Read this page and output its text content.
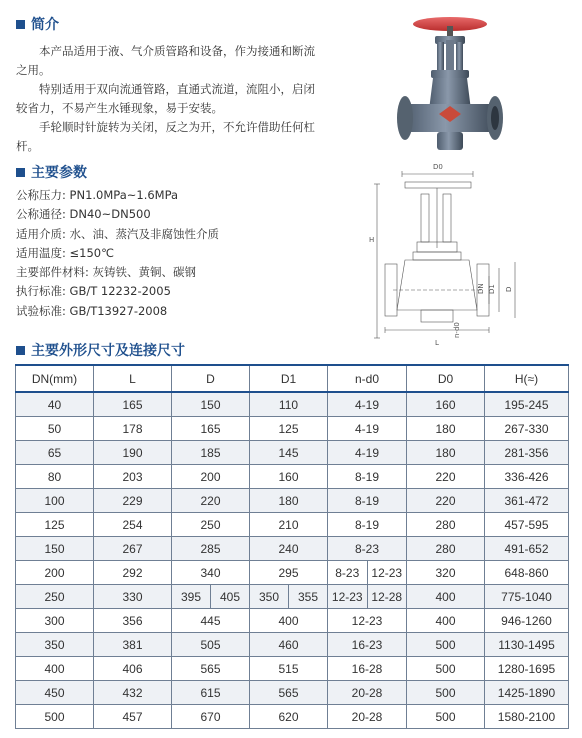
简介

本产品适用于液、气介质管路和设备，作为接通和断流之用。

特别适用于双向流通管路，直通式流道，流阻小，启闭较省力，不易产生水锤现象，易于安装。

手轮顺时针旋转为关闭，反之为开，不允许借助任何杠杆。

D0
H
DN D1 D
n-d0
L
主要参数
公称压力: PN1.0MPa~1.6MPa
公称通径: DN40~DN500
适用介质: 水、油、蒸汽及非腐蚀性介质
适用温度: ≤150℃
主要部件材料: 灰铸铁、黄铜、碳钢
执行标准: GB/T 12232-2005
试验标准: GB/T13927-2008
主要外形尺寸及连接尺寸
DN(mm)	L	D	D1	n-d0	D0	H(≈)
40	165	150	110	4-19	160	195-245
50	178	165	125	4-19	180	267-330
65	190	185	145	4-19	180	281-356
80	203	200	160	8-19	220	336-426
100	229	220	180	8-19	220	361-472
125	254	250	210	8-19	280	457-595
150	267	285	240	8-23	280	491-652
200	292	340	295	8-23 12-23	320	648-860
250	330	395 405	350 355	12-23 12-28	400	775-1040
300	356	445	400	12-23	400	946-1260
350	381	505	460	16-23	500	1130-1495
400	406	565	515	16-28	500	1280-1695
450	432	615	565	20-28	500	1425-1890
500	457	670	620	20-28	500	1580-2100
